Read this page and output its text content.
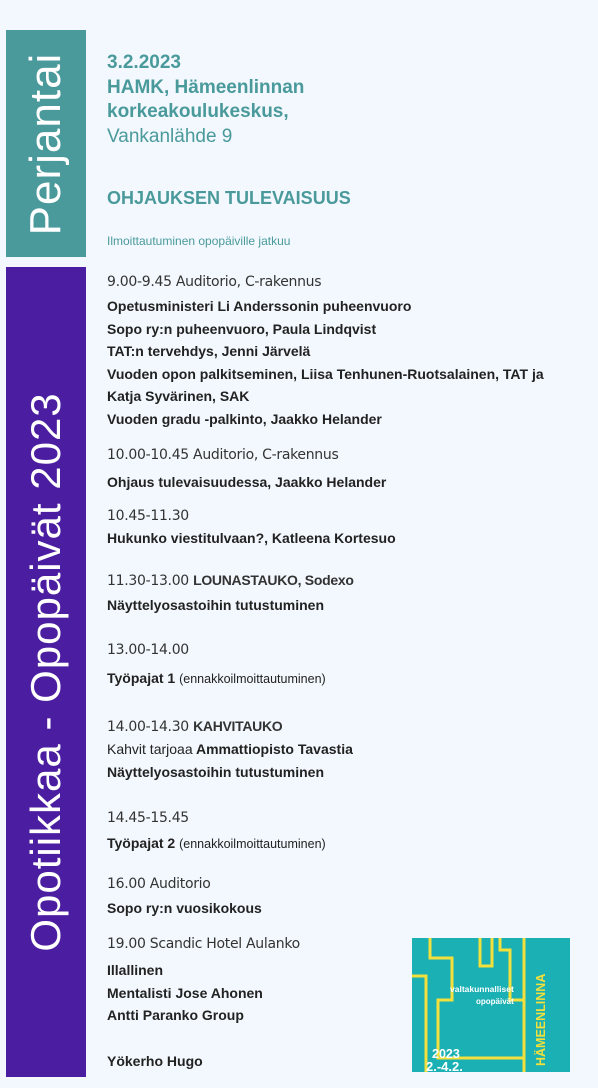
Perjantai
Opotiikkaa - Opopäivät 2023
3.2.2023
HAMK, Hämeenlinnan
korkeakoulukeskus,
Vankanlähde 9
OHJAUKSEN TULEVAISUUS
Ilmoittautuminen opopäiville jatkuu
9.00-9.45 Auditorio, C-rakennus
Opetusministeri Li Anderssonin puheenvuoro
Sopo ry:n puheenvuoro, Paula Lindqvist
TAT:n tervehdys, Jenni Järvelä
Vuoden opon palkitseminen, Liisa Tenhunen-Ruotsalainen, TAT ja
Katja Syvärinen, SAK
Vuoden gradu -palkinto, Jaakko Helander
10.00-10.45 Auditorio, C-rakennus
Ohjaus tulevaisuudessa, Jaakko Helander
10.45-11.30
Hukunko viestitulvaan?, Katleena Kortesuo
11.30-13.00 LOUNASTAUKO, Sodexo
Näyttelyosastoihin tutustuminen
13.00-14.00
Työpajat 1 (ennakkoilmoittautuminen)
14.00-14.30 KAHVITAUKO
Kahvit tarjoaa Ammattiopisto Tavastia
Näyttelyosastoihin tutustuminen
14.45-15.45
Työpajat 2 (ennakkoilmoittautuminen)
16.00 Auditorio
Sopo ry:n vuosikokous
19.00 Scandic Hotel Aulanko
Illallinen
Mentalisti Jose Ahonen
Antti Paranko Group
Yökerho Hugo
valtakunnalliset
opopäivät
2023
2.-4.2.
HÄMEENLINNA
